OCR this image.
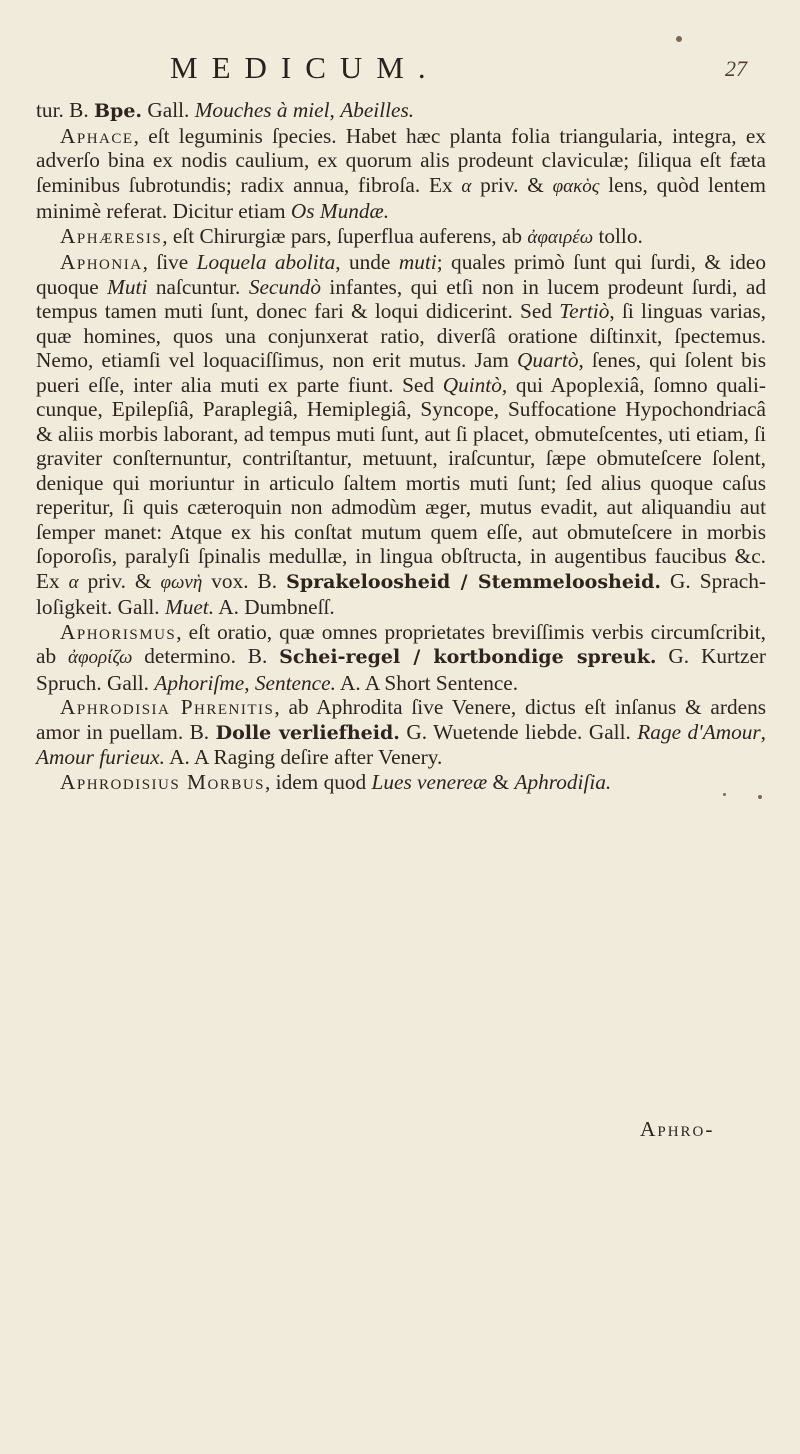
MEDICUM.	27

tur. B. Bpe. Gall. Mouches à miel, Abeilles.

Aphace, eſt leguminis ſpecies. Habet hæc planta folia triangularia, integra, ex adverſo bina ex nodis caulium, ex quorum alis prodeunt claviculæ; ſiliqua eſt fæta ſeminibus ſubrotundis; radix annua, fibroſa. Ex α priv. & φακὸς lens, quòd lentem minimè referat. Dicitur etiam Os Mundæ.

Aphæresis, eſt Chirurgiæ pars, ſuperflua auferens, ab ἀφαιρέω tollo.

Aphonia, ſive Loquela abolita, unde muti; quales primò ſunt qui ſurdi, & ideo quoque Muti naſcuntur. Secundò infantes, qui etſi non in lucem prodeunt ſurdi, ad tempus tamen muti ſunt, donec fari & loqui didicerint. Sed Tertiò, ſi linguas varias, quæ homines, quos una conjunxerat ratio, diverſâ oratione diſtinxit, ſpectemus. Nemo, etiamſi vel loquaciſſimus, non erit mutus. Jam Quartò, ſenes, qui ſolent bis pueri eſſe, inter alia muti ex parte fiunt. Sed Quintò, qui Apoplexiâ, ſomno qualicunque, Epilepſiâ, Paraplegiâ, Hemiplegiâ, Syncope, Suffocatione Hypochondriacâ & aliis morbis laborant, ad tempus muti ſunt, aut ſi placet, obmuteſcentes, uti etiam, ſi graviter conſternuntur, contriſtantur, metuunt, iraſcuntur, ſæpe obmuteſcere ſolent, denique qui moriuntur in articulo ſaltem mortis muti ſunt; ſed alius quoque caſus reperitur, ſi quis cæteroquin non admodùm æger, mutus evadit, aut aliquandiu aut ſemper manet: Atque ex his conſtat mutum quem eſſe, aut obmuteſcere in morbis ſoporoſis, paralyſi ſpinalis medullæ, in lingua obſtructa, in augentibus faucibus &c. Ex α priv. & φωνὴ vox. B. Sprakeloosheid / Stemmeloosheid. G. Sprachloſigkeit. Gall. Muet. A. Dumbneſſ.

Aphorismus, eſt oratio, quæ omnes proprietates breviſſimis verbis circumſcribit, ab ἀφορίζω determino. B. Schei-regel / kortbondige spreuk. G. Kurtzer Spruch. Gall. Aphoriſme, Sentence. A. A Short Sentence.

Aphrodisia Phrenitis, ab Aphrodita ſive Venere, dictus eſt inſanus & ardens amor in puellam. B. Dolle verliefheid. G. Wuetende liebde. Gall. Rage d'Amour, Amour furieux. A. A Raging deſire after Venery.

Aphrodisius Morbus, idem quod Lues venereæ & Aphrodiſia.

Aphro-
